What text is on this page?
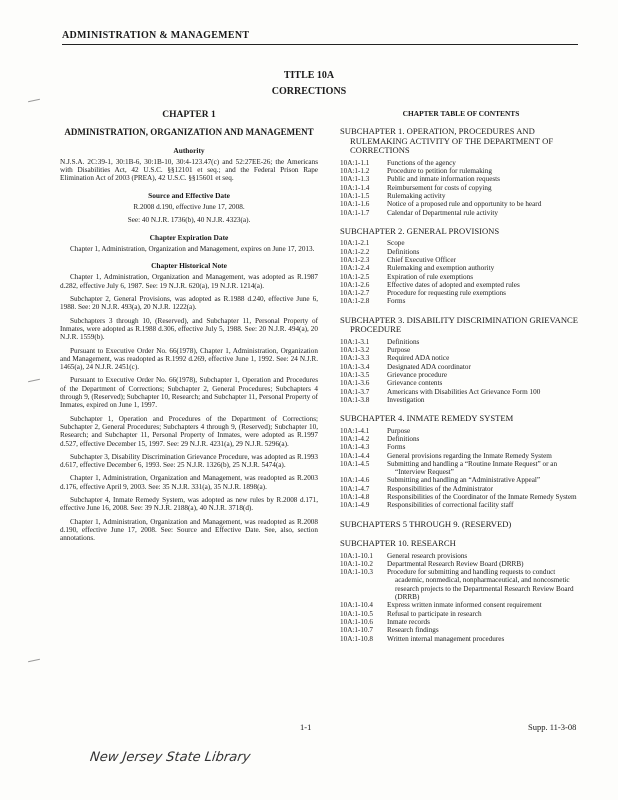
ADMINISTRATION & MANAGEMENT
TITLE 10A
CORRECTIONS
CHAPTER 1
ADMINISTRATION, ORGANIZATION AND MANAGEMENT
Authority

N.J.S.A. 2C:39-1, 30:1B-6, 30:1B-10, 30:4-123.47(c) and 52:27EE-26; the Americans with Disabilities Act, 42 U.S.C. §§12101 et seq.; and the Federal Prison Rape Elimination Act of 2003 (PREA), 42 U.S.C. §§15601 et seq.

Source and Effective Date

R.2008 d.190, effective June 17, 2008.

See: 40 N.J.R. 1736(b), 40 N.J.R. 4323(a).

Chapter Expiration Date

Chapter 1, Administration, Organization and Management, expires on June 17, 2013.

Chapter Historical Note

Chapter 1, Administration, Organization and Management, was adopted as R.1987 d.282, effective July 6, 1987. See: 19 N.J.R. 620(a), 19 N.J.R. 1214(a).

Subchapter 2, General Provisions, was adopted as R.1988 d.240, effective June 6, 1988. See: 20 N.J.R. 493(a), 20 N.J.R. 1222(a).

Subchapters 3 through 10, (Reserved), and Subchapter 11, Personal Property of Inmates, were adopted as R.1988 d.306, effective July 5, 1988. See: 20 N.J.R. 494(a), 20 N.J.R. 1559(b).

Pursuant to Executive Order No. 66(1978), Chapter 1, Administration, Organization and Management, was readopted as R.1992 d.269, effective June 1, 1992. See: 24 N.J.R. 1465(a), 24 N.J.R. 2451(c).

Pursuant to Executive Order No. 66(1978), Subchapter 1, Operation and Procedures of the Department of Corrections; Subchapter 2, General Procedures; Subchapters 4 through 9, (Reserved); Subchapter 10, Research; and Subchapter 11, Personal Property of Inmates, expired on June 1, 1997.

Subchapter 1, Operation and Procedures of the Department of Corrections; Subchapter 2, General Procedures; Subchapters 4 through 9, (Reserved); Subchapter 10, Research; and Subchapter 11, Personal Property of Inmates, were adopted as R.1997 d.527, effective December 15, 1997. See: 29 N.J.R. 4231(a), 29 N.J.R. 5296(a).

Subchapter 3, Disability Discrimination Grievance Procedure, was adopted as R.1993 d.617, effective December 6, 1993. See: 25 N.J.R. 1326(b), 25 N.J.R. 5474(a).

Chapter 1, Administration, Organization and Management, was readopted as R.2003 d.176, effective April 9, 2003. See: 35 N.J.R. 331(a), 35 N.J.R. 1898(a).

Subchapter 4, Inmate Remedy System, was adopted as new rules by R.2008 d.171, effective June 16, 2008. See: 39 N.J.R. 2188(a), 40 N.J.R. 3718(d).

Chapter 1, Administration, Organization and Management, was readopted as R.2008 d.190, effective June 17, 2008. See: Source and Effective Date. See, also, section annotations.

CHAPTER TABLE OF CONTENTS
SUBCHAPTER 1. OPERATION, PROCEDURES AND RULEMAKING ACTIVITY OF THE DEPARTMENT OF CORRECTIONS
10A:1-1.1	Functions of the agency
10A:1-1.2	Procedure to petition for rulemaking
10A:1-1.3	Public and inmate information requests
10A:1-1.4	Reimbursement for costs of copying
10A:1-1.5	Rulemaking activity
10A:1-1.6	Notice of a proposed rule and opportunity to be heard
10A:1-1.7	Calendar of Departmental rule activity
SUBCHAPTER 2. GENERAL PROVISIONS
10A:1-2.1	Scope
10A:1-2.2	Definitions
10A:1-2.3	Chief Executive Officer
10A:1-2.4	Rulemaking and exemption authority
10A:1-2.5	Expiration of rule exemptions
10A:1-2.6	Effective dates of adopted and exempted rules
10A:1-2.7	Procedure for requesting rule exemptions
10A:1-2.8	Forms
SUBCHAPTER 3. DISABILITY DISCRIMINATION GRIEVANCE PROCEDURE
10A:1-3.1	Definitions
10A:1-3.2	Purpose
10A:1-3.3	Required ADA notice
10A:1-3.4	Designated ADA coordinator
10A:1-3.5	Grievance procedure
10A:1-3.6	Grievance contents
10A:1-3.7	Americans with Disabilities Act Grievance Form 100
10A:1-3.8	Investigation
SUBCHAPTER 4. INMATE REMEDY SYSTEM
10A:1-4.1	Purpose
10A:1-4.2	Definitions
10A:1-4.3	Forms
10A:1-4.4	General provisions regarding the Inmate Remedy System
10A:1-4.5	Submitting and handling a “Routine Inmate Request” or an “Interview Request”
10A:1-4.6	Submitting and handling an “Administrative Appeal”
10A:1-4.7	Responsibilities of the Administrator
10A:1-4.8	Responsibilities of the Coordinator of the Inmate Remedy System
10A:1-4.9	Responsibilities of correctional facility staff
SUBCHAPTERS 5 THROUGH 9. (RESERVED)
SUBCHAPTER 10. RESEARCH
10A:1-10.1	General research provisions
10A:1-10.2	Departmental Research Review Board (DRRB)
10A:1-10.3	Procedure for submitting and handling requests to conduct academic, nonmedical, nonpharmaceutical, and noncosmetic research projects to the Departmental Research Review Board (DRRB)
10A:1-10.4	Express written inmate informed consent requirement
10A:1-10.5	Refusal to participate in research
10A:1-10.6	Inmate records
10A:1-10.7	Research findings
10A:1-10.8	Written internal management procedures
1-1	Supp. 11-3-08
New Jersey State Library
